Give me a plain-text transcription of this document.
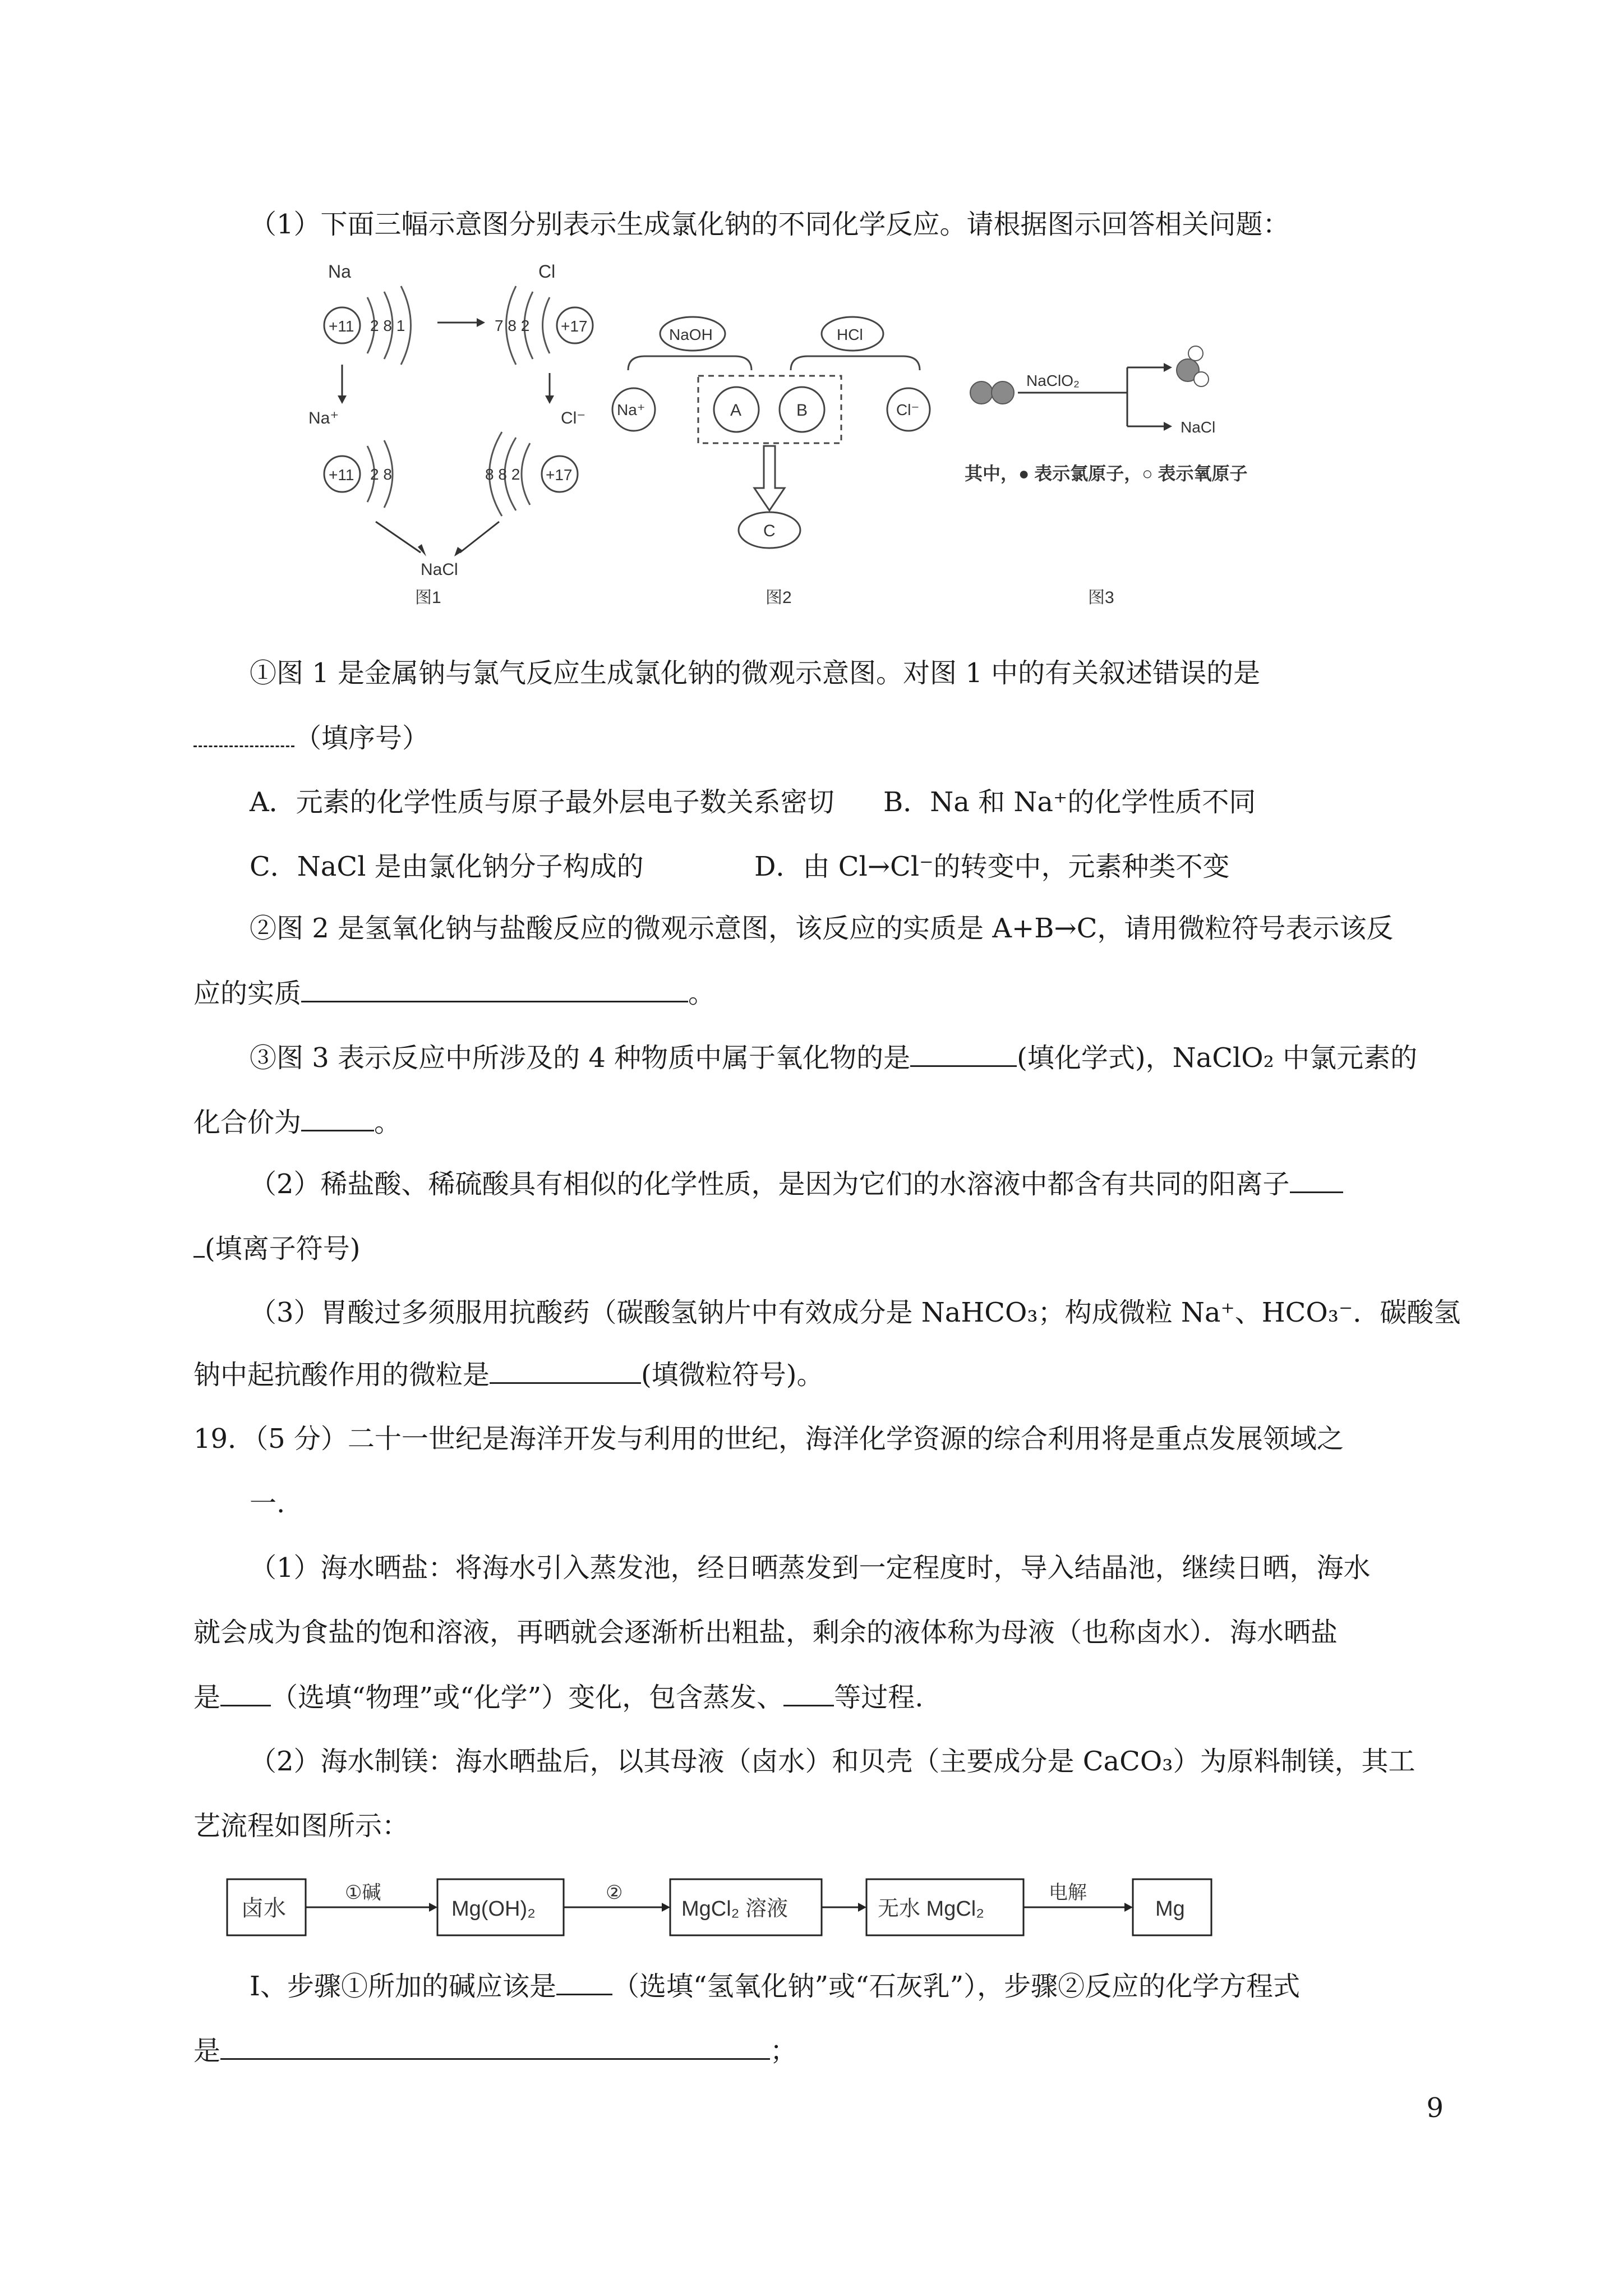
（1）下面三幅示意图分别表示生成氯化钠的不同化学反应。请根据图示回答相关问题：
Na
+11 2 8 1
Cl
7 8 2 +17
Na⁺
+11 2 8
Cl⁻
8 8 2 +17
NaCl
图1
NaOH	HCl
Na⁺	A	B	Cl⁻
C
图2
NaClO₂
NaCl
其中，● 表示氯原子，○ 表示氧原子
图3
①图 1 是金属钠与氯气反应生成氯化钠的微观示意图。对图 1 中的有关叙述错误的是
（填序号）
A．元素的化学性质与原子最外层电子数关系密切 B．Na 和 Na⁺的化学性质不同
C．NaCl 是由氯化钠分子构成的	D．由 Cl→Cl⁻的转变中，元素种类不变
②图 2 是氢氧化钠与盐酸反应的微观示意图，该反应的实质是 A+B→C，请用微粒符号表示该反
应的实质	。
③图 3 表示反应中所涉及的 4 种物质中属于氧化物的是	(填化学式)，NaClO₂ 中氯元素的
化合价为	。
（2）稀盐酸、稀硫酸具有相似的化学性质，是因为它们的水溶液中都含有共同的阳离子
(填离子符号)
（3）胃酸过多须服用抗酸药（碳酸氢钠片中有效成分是 NaHCO₃；构成微粒 Na⁺、HCO₃⁻．碳酸氢
钠中起抗酸作用的微粒是	(填微粒符号)。
19．（5 分）二十一世纪是海洋开发与利用的世纪，海洋化学资源的综合利用将是重点发展领域之
一.
（1）海水晒盐：将海水引入蒸发池，经日晒蒸发到一定程度时，导入结晶池，继续日晒，海水
就会成为食盐的饱和溶液，再晒就会逐渐析出粗盐，剩余的液体称为母液（也称卤水）．海水晒盐
是 （选填“物理”或“化学”）变化，包含蒸发、 等过程.
（2）海水制镁：海水晒盐后，以其母液（卤水）和贝壳（主要成分是 CaCO₃）为原料制镁，其工
艺流程如图所示：
卤水
①碱
Mg(OH)₂
②
MgCl₂ 溶液	无水 MgCl₂
电解
Mg
Ⅰ、步骤①所加的碱应该是 （选填“氢氧化钠”或“石灰乳”），步骤②反应的化学方程式
是	；
9
